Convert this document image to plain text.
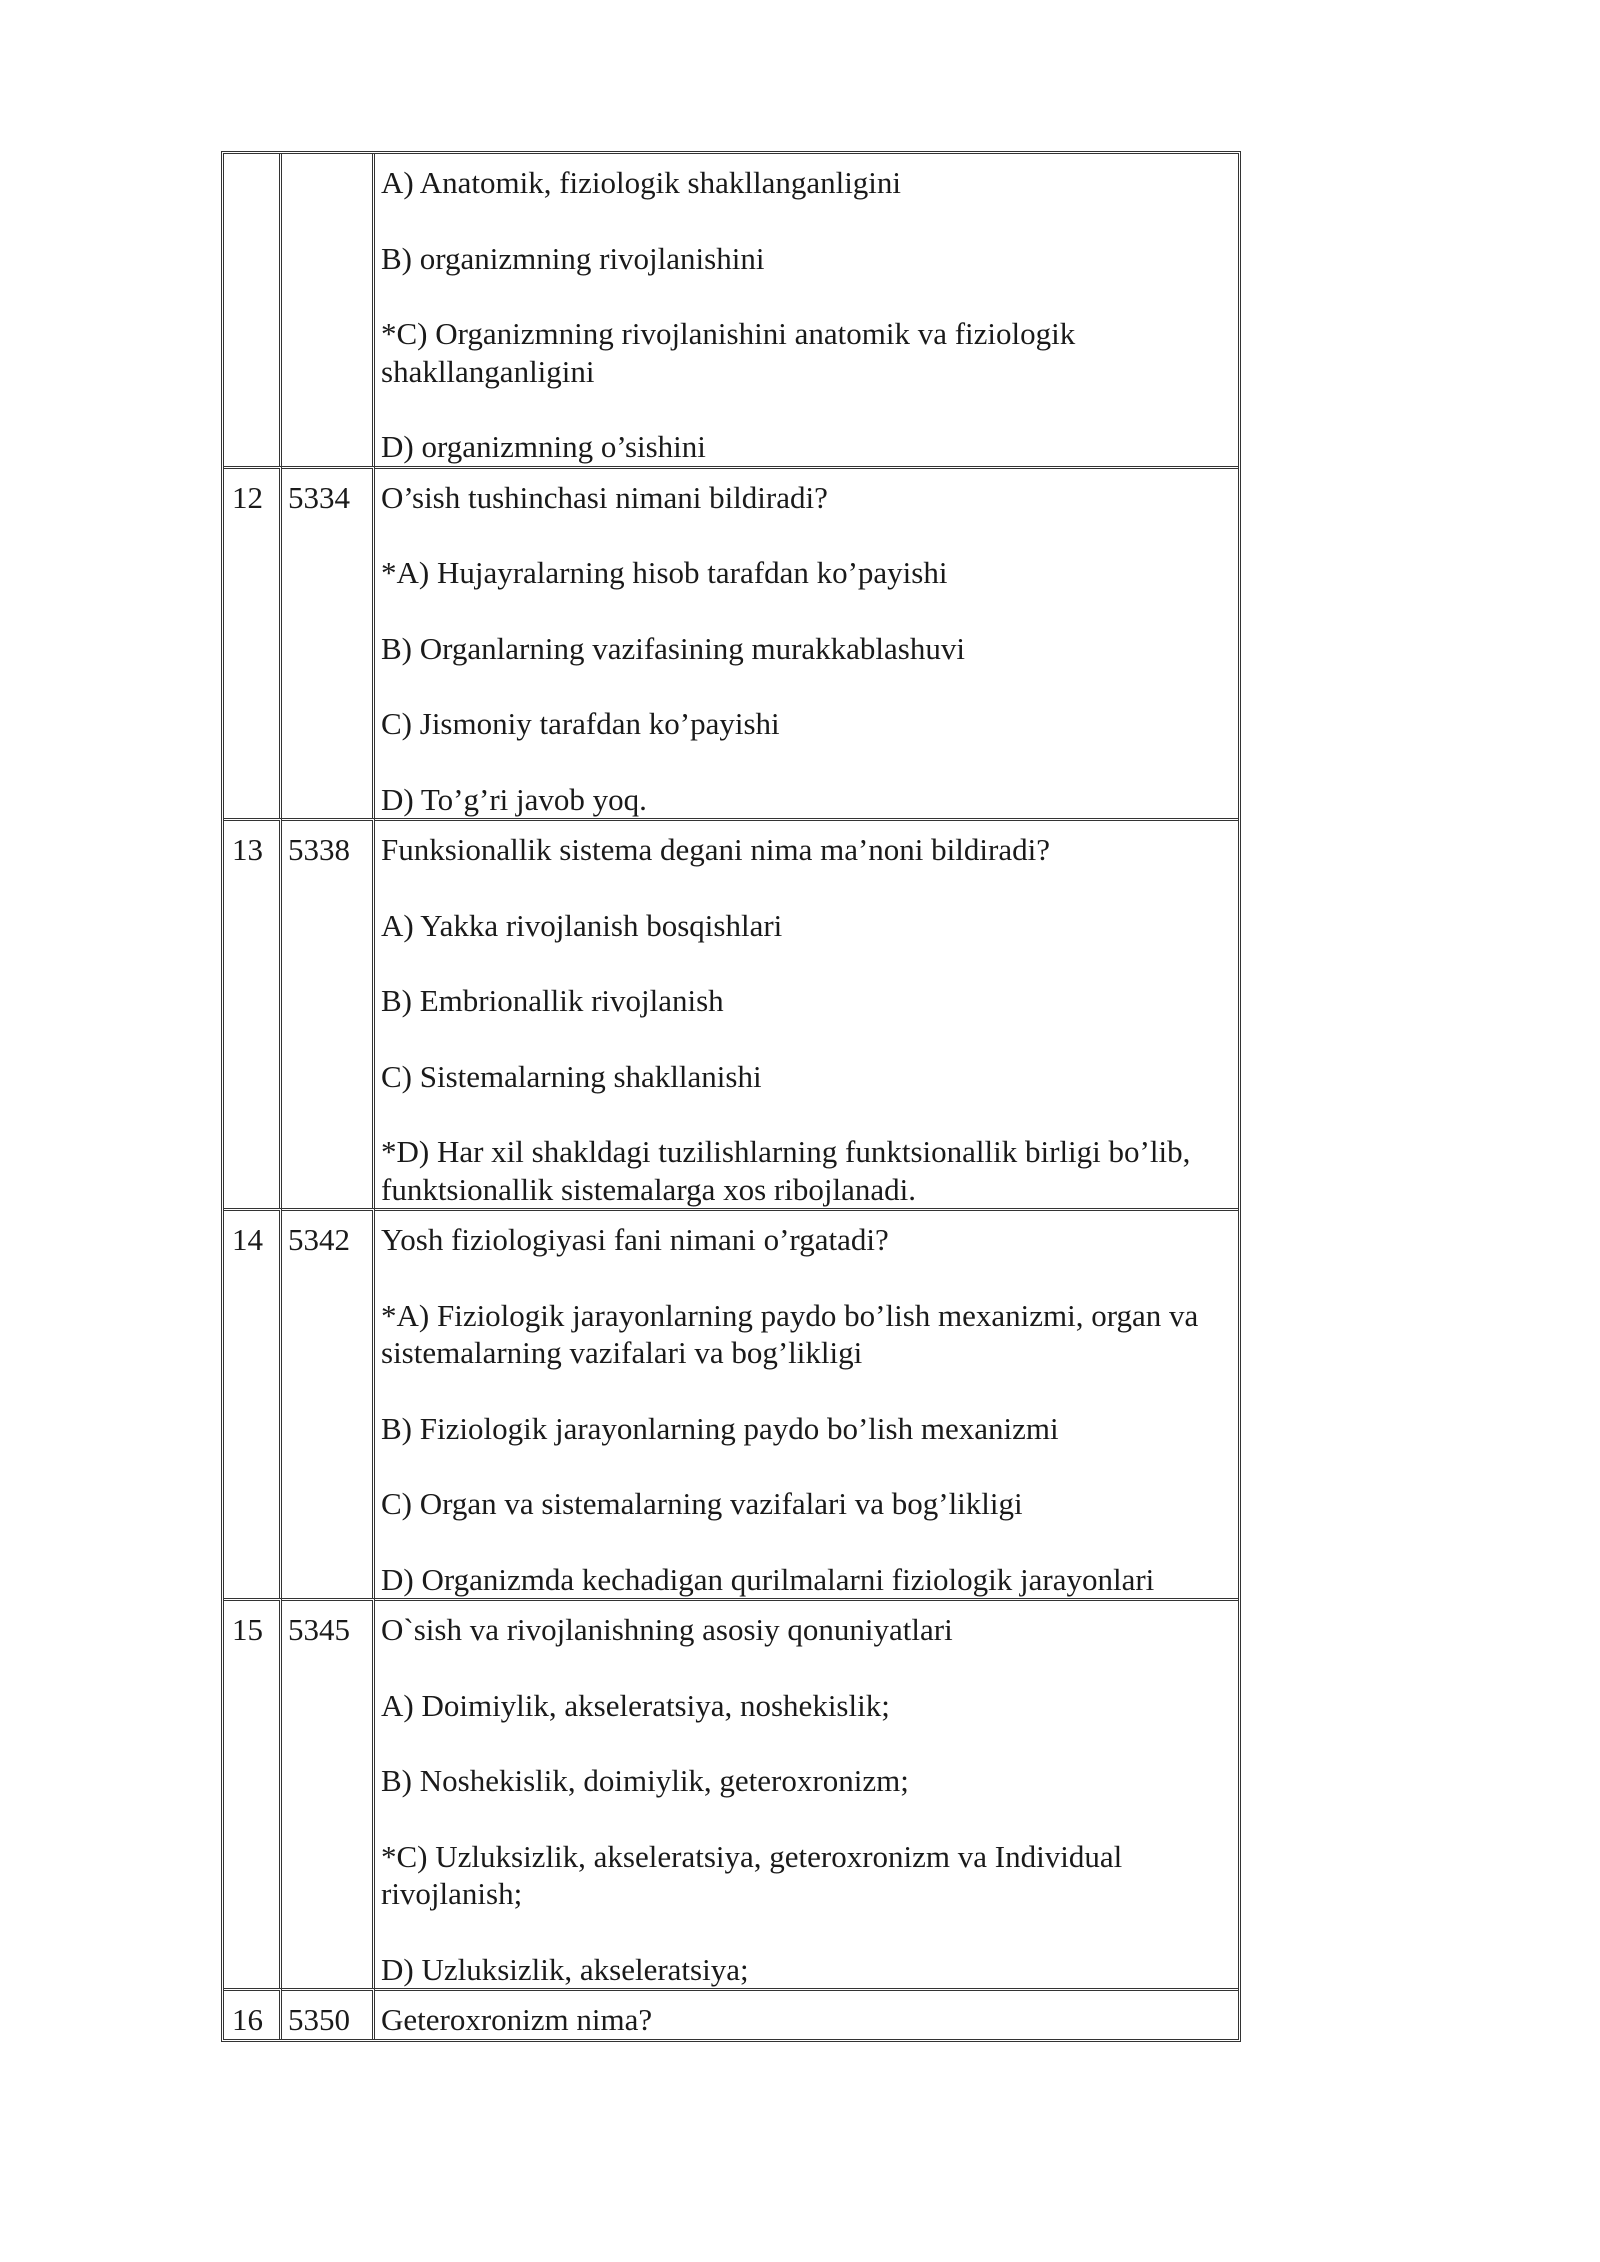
A) Anatomik, fiziologik shakllanganligini
B) organizmning rivojlanishini
*C) Organizmning rivojlanishini anatomik va fiziologik shakllanganligini
D) organizmning o’sishini
12 5334	O’sish tushinchasi nimani bildiradi?
*A) Hujayralarning hisob tarafdan ko’payishi
B) Organlarning vazifasining murakkablashuvi
C) Jismoniy tarafdan ko’payishi
D) To’g’ri javob yoq.
13 5338	Funksionallik sistema degani nima ma’noni bildiradi?
A) Yakka rivojlanish bosqishlari
B) Embrionallik rivojlanish
C) Sistemalarning shakllanishi
*D) Har xil shakldagi tuzilishlarning funktsionallik birligi bo’lib, funktsionallik sistemalarga xos ribojlanadi.
14 5342	Yosh fiziologiyasi fani nimani o’rgatadi?
*A) Fiziologik jarayonlarning paydo bo’lish mexanizmi, organ va sistemalarning vazifalari va bog’likligi
B) Fiziologik jarayonlarning paydo bo’lish mexanizmi
C) Organ va sistemalarning vazifalari va bog’likligi
D) Organizmda kechadigan qurilmalarni fiziologik jarayonlari
15 5345	O`sish va rivojlanishning asosiy qonuniyatlari
A) Doimiylik, akseleratsiya, noshekislik;
B) Noshekislik, doimiylik, geteroxronizm;
*C) Uzluksizlik, akseleratsiya, geteroxronizm va Individual rivojlanish;
D) Uzluksizlik, akseleratsiya;
16 5350	Geteroxronizm nima?
